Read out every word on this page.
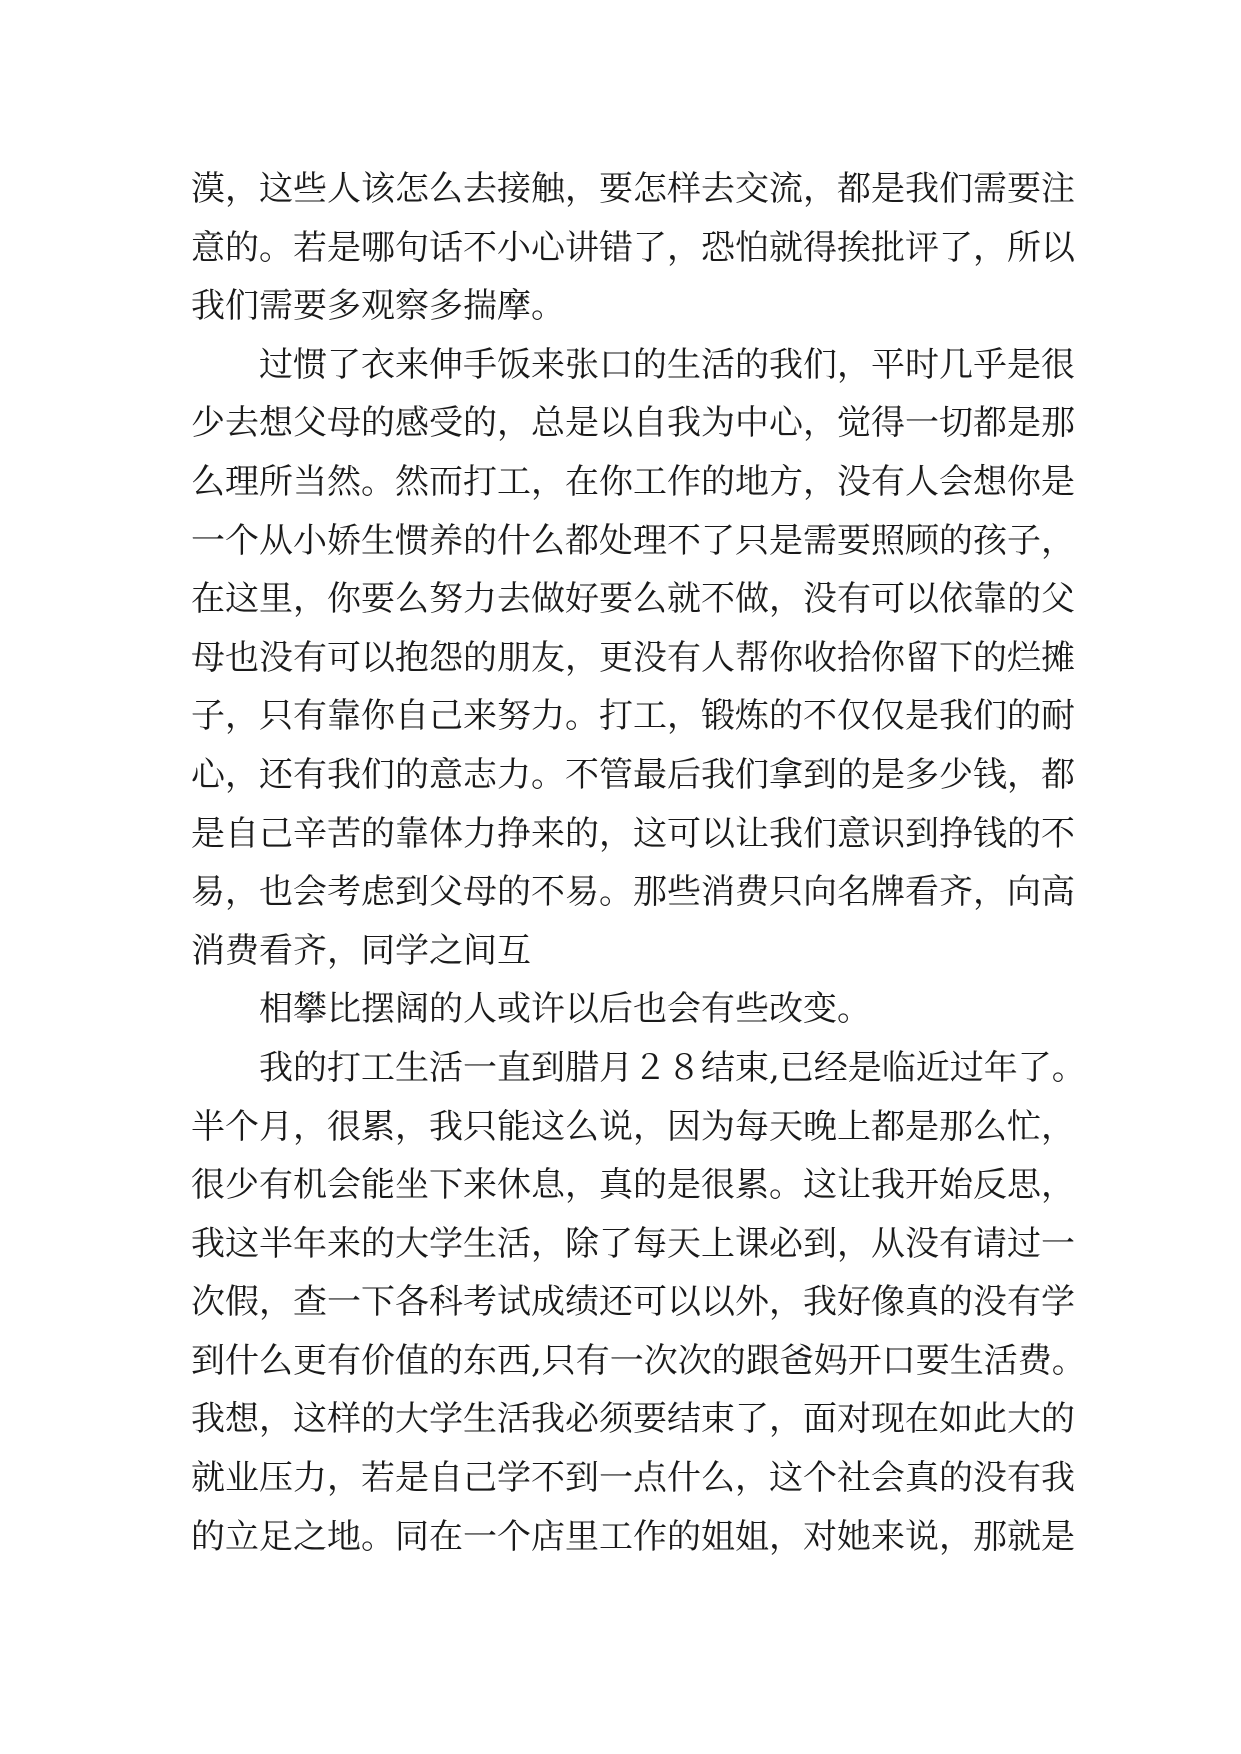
漠，这些人该怎么去接触，要怎样去交流，都是我们需要注
意的。若是哪句话不小心讲错了，恐怕就得挨批评了，所以
我们需要多观察多揣摩。
过惯了衣来伸手饭来张口的生活的我们，平时几乎是很
少去想父母的感受的，总是以自我为中心，觉得一切都是那
么理所当然。然而打工，在你工作的地方，没有人会想你是
一个从小娇生惯养的什么都处理不了只是需要照顾的孩子，
在这里，你要么努力去做好要么就不做，没有可以依靠的父
母也没有可以抱怨的朋友，更没有人帮你收拾你留下的烂摊
子，只有靠你自己来努力。打工，锻炼的不仅仅是我们的耐
心，还有我们的意志力。不管最后我们拿到的是多少钱，都
是自己辛苦的靠体力挣来的，这可以让我们意识到挣钱的不
易，也会考虑到父母的不易。那些消费只向名牌看齐，向高
消费看齐，同学之间互
相攀比摆阔的人或许以后也会有些改变。
我的打工生活一直到腊月２８结束,已经是临近过年了。
半个月，很累，我只能这么说，因为每天晚上都是那么忙，
很少有机会能坐下来休息，真的是很累。这让我开始反思，
我这半年来的大学生活，除了每天上课必到，从没有请过一
次假，查一下各科考试成绩还可以以外，我好像真的没有学
到什么更有价值的东西,只有一次次的跟爸妈开口要生活费。
我想，这样的大学生活我必须要结束了，面对现在如此大的
就业压力，若是自己学不到一点什么，这个社会真的没有我
的立足之地。同在一个店里工作的姐姐，对她来说，那就是
